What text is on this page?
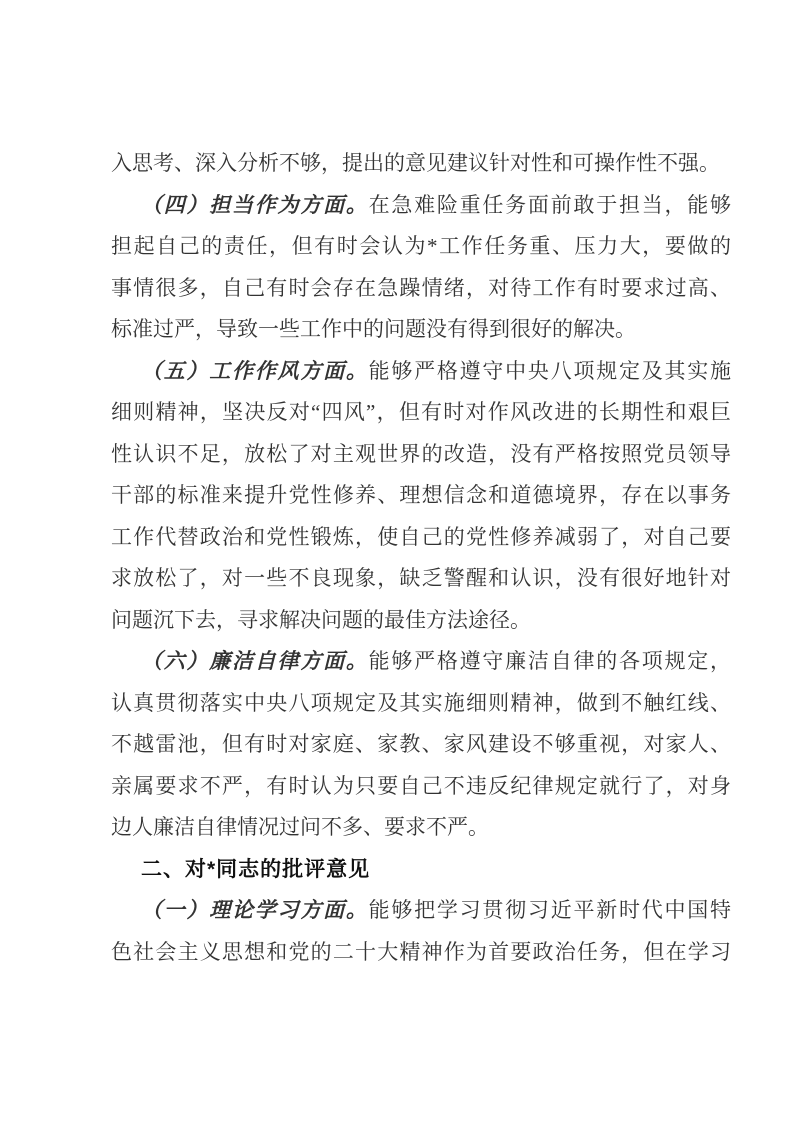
入思考、深入分析不够，提出的意见建议针对性和可操作性不强。
（四）担当作为方面。在急难险重任务面前敢于担当，能够
担起自己的责任，但有时会认为*工作任务重、压力大，要做的
事情很多，自己有时会存在急躁情绪，对待工作有时要求过高、
标准过严，导致一些工作中的问题没有得到很好的解决。
（五）工作作风方面。能够严格遵守中央八项规定及其实施
细则精神，坚决反对“四风”，但有时对作风改进的长期性和艰巨
性认识不足，放松了对主观世界的改造，没有严格按照党员领导
干部的标准来提升党性修养、理想信念和道德境界，存在以事务
工作代替政治和党性锻炼，使自己的党性修养减弱了，对自己要
求放松了，对一些不良现象，缺乏警醒和认识，没有很好地针对
问题沉下去，寻求解决问题的最佳方法途径。
（六）廉洁自律方面。能够严格遵守廉洁自律的各项规定，
认真贯彻落实中央八项规定及其实施细则精神，做到不触红线、
不越雷池，但有时对家庭、家教、家风建设不够重视，对家人、
亲属要求不严，有时认为只要自己不违反纪律规定就行了，对身
边人廉洁自律情况过问不多、要求不严。
二、对*同志的批评意见
（一）理论学习方面。能够把学习贯彻习近平新时代中国特
色社会主义思想和党的二十大精神作为首要政治任务，但在学习
